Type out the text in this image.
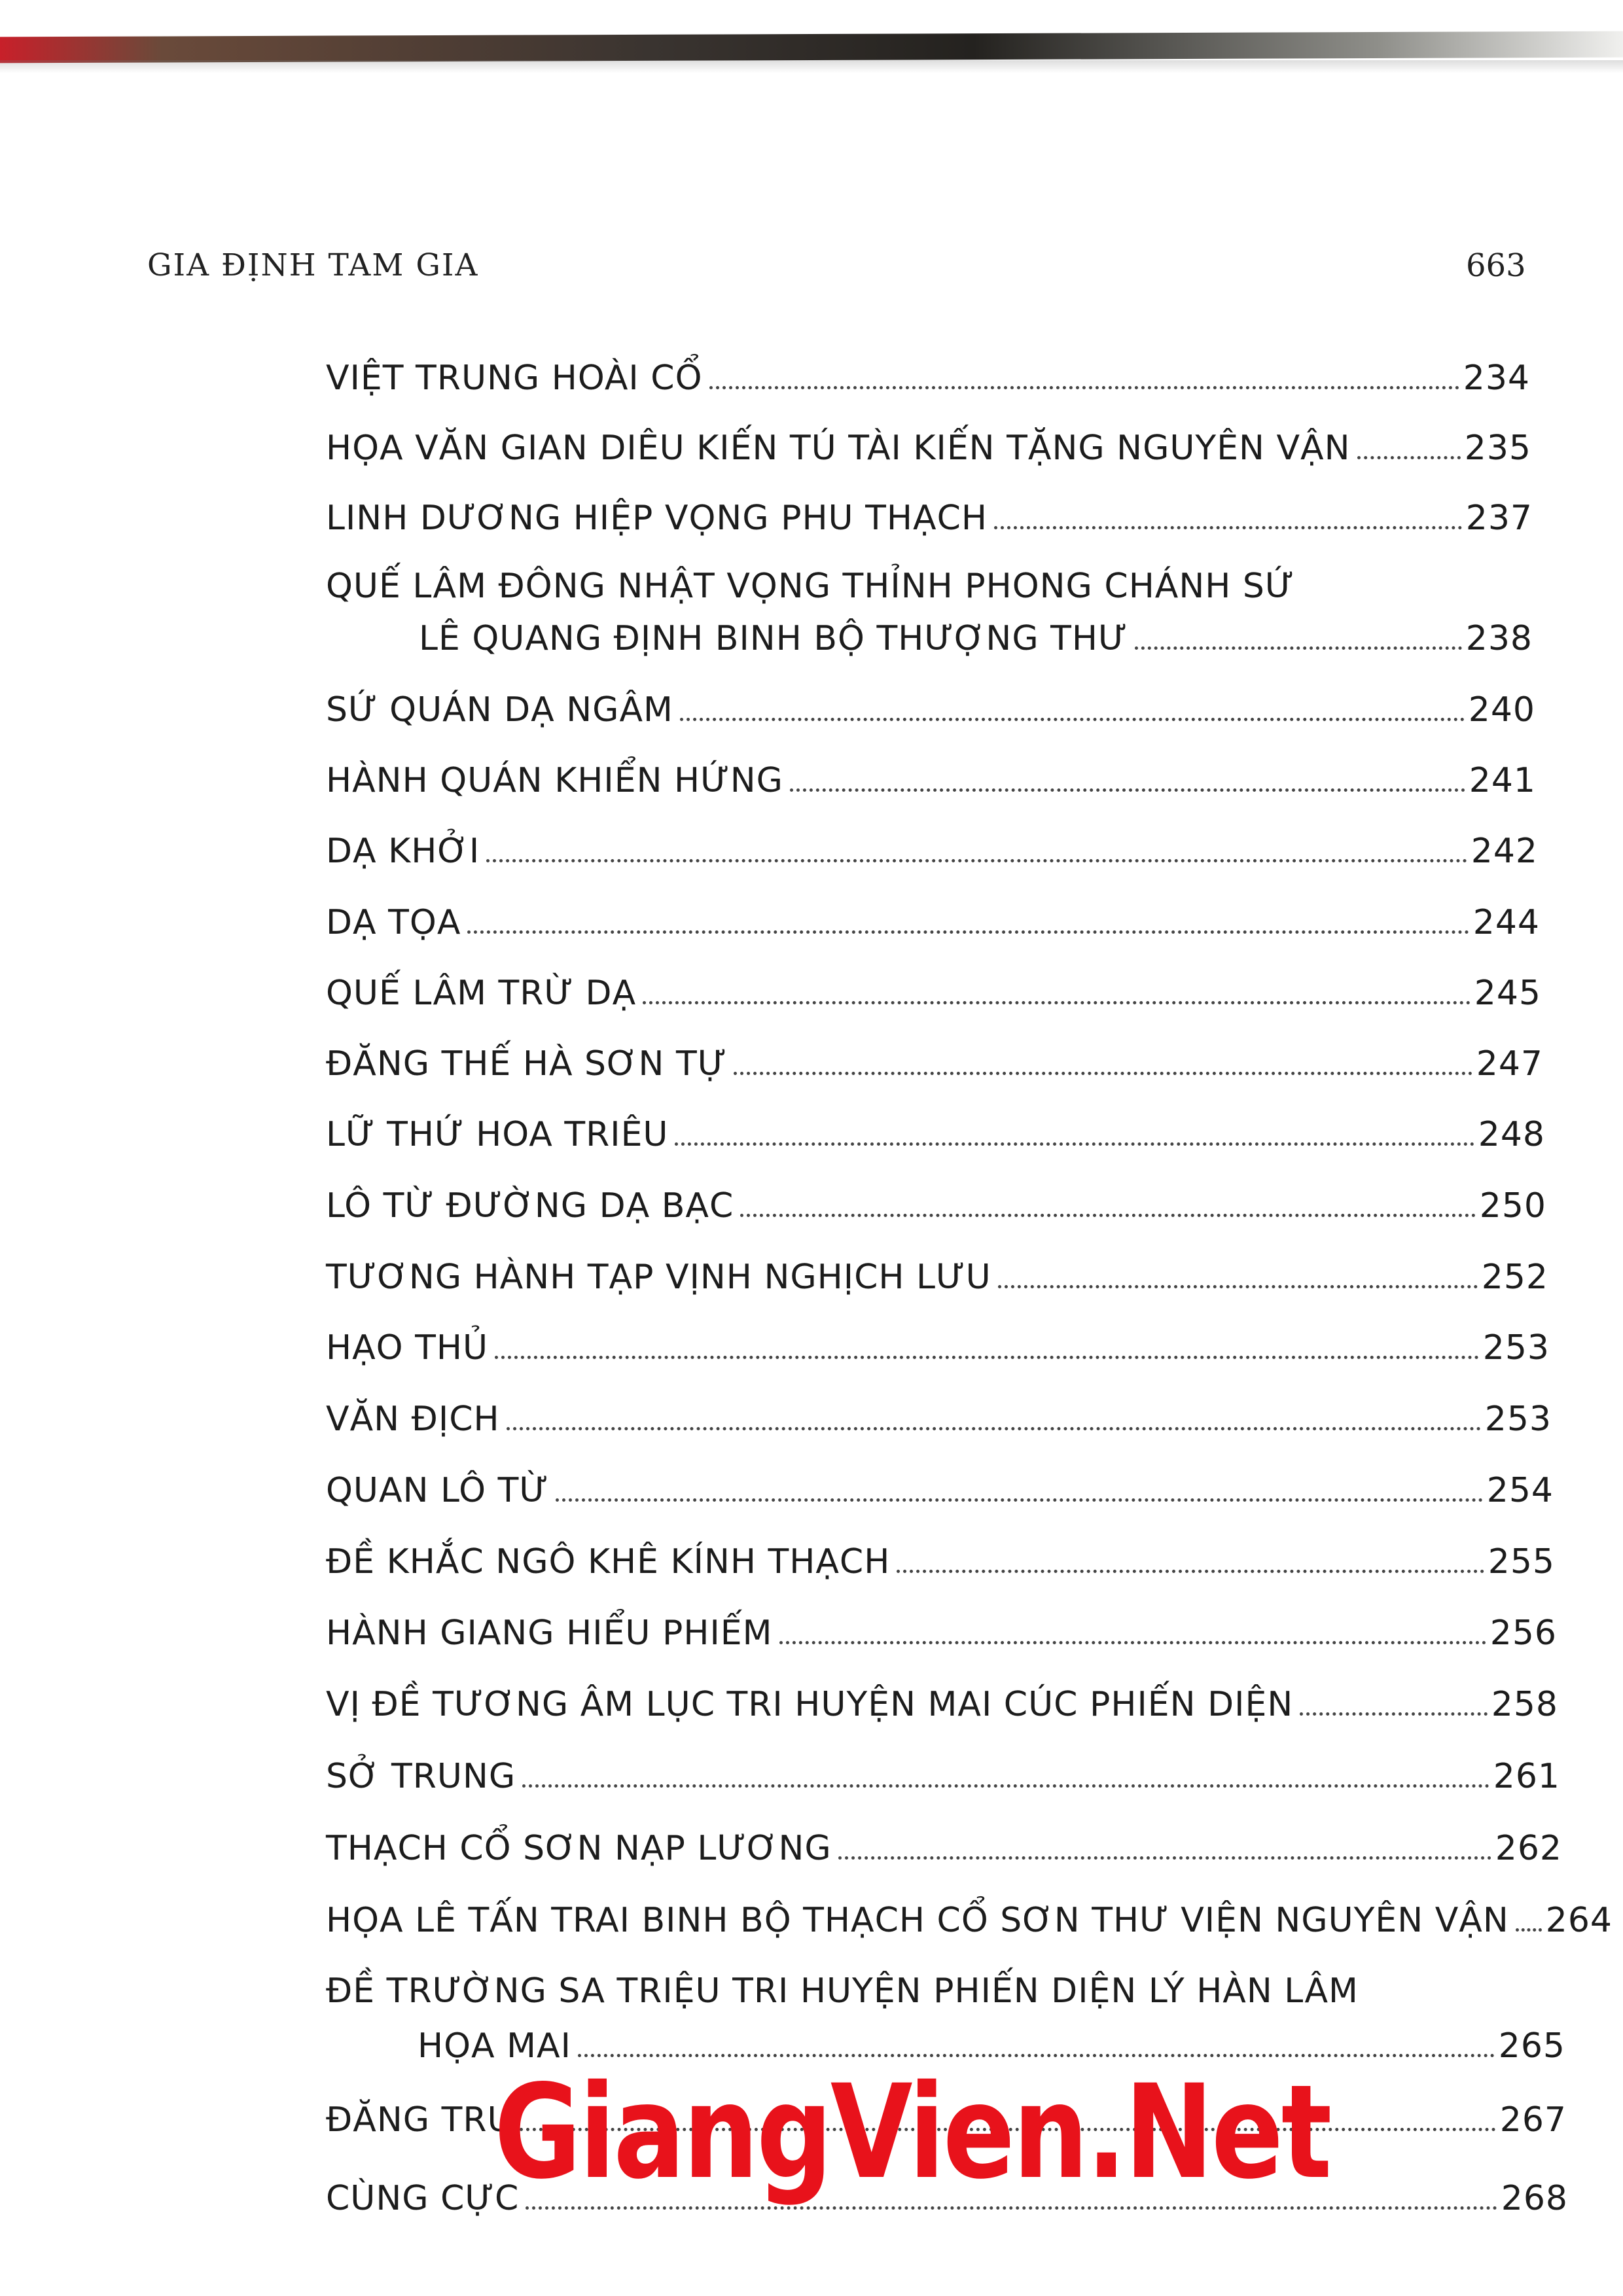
GIA ĐỊNH TAM GIA	663
VIỆT TRUNG HOÀI CỔ	234
HỌA VĂN GIAN DIÊU KIẾN TÚ TÀI KIẾN TẶNG NGUYÊN VẬN	235
LINH DƯƠNG HIỆP VỌNG PHU THẠCH	237
QUẾ LÂM ĐÔNG NHẬT VỌNG THỈNH PHONG CHÁNH SỨ
LÊ QUANG ĐỊNH BINH BỘ THƯỢNG THƯ	238
SỨ QUÁN DẠ NGÂM	240
HÀNH QUÁN KHIỂN HỨNG	241
DẠ KHỞI	242
DẠ TỌA	244
QUẾ LÂM TRỪ DẠ	245
ĐĂNG THẾ HÀ SƠN TỰ	247
LỮ THỨ HOA TRIÊU	248
LÔ TỪ ĐƯỜNG DẠ BẠC	250
TƯƠNG HÀNH TẠP VỊNH NGHỊCH LƯU	252
HẠO THỦ	253
VĂN ĐỊCH	253
QUAN LÔ TỪ	254
ĐỀ KHẮC NGÔ KHÊ KÍNH THẠCH	255
HÀNH GIANG HIỂU PHIẾM	256
VỊ ĐỀ TƯƠNG ÂM LỤC TRI HUYỆN MAI CÚC PHIẾN DIỆN	258
SỞ TRUNG	261
THẠCH CỔ SƠN NẠP LƯƠNG	262
HỌA LÊ TẤN TRAI BINH BỘ THẠCH CỔ SƠN THƯ VIỆN NGUYÊN VẬN 264
ĐỀ TRƯỜNG SA TRIỆU TRI HUYỆN PHIẾN DIỆN LÝ HÀN LÂM
HỌA MAI	265
ĐĂNG TRU	267
CÙNG CỰC	268
GiangVien.Net
